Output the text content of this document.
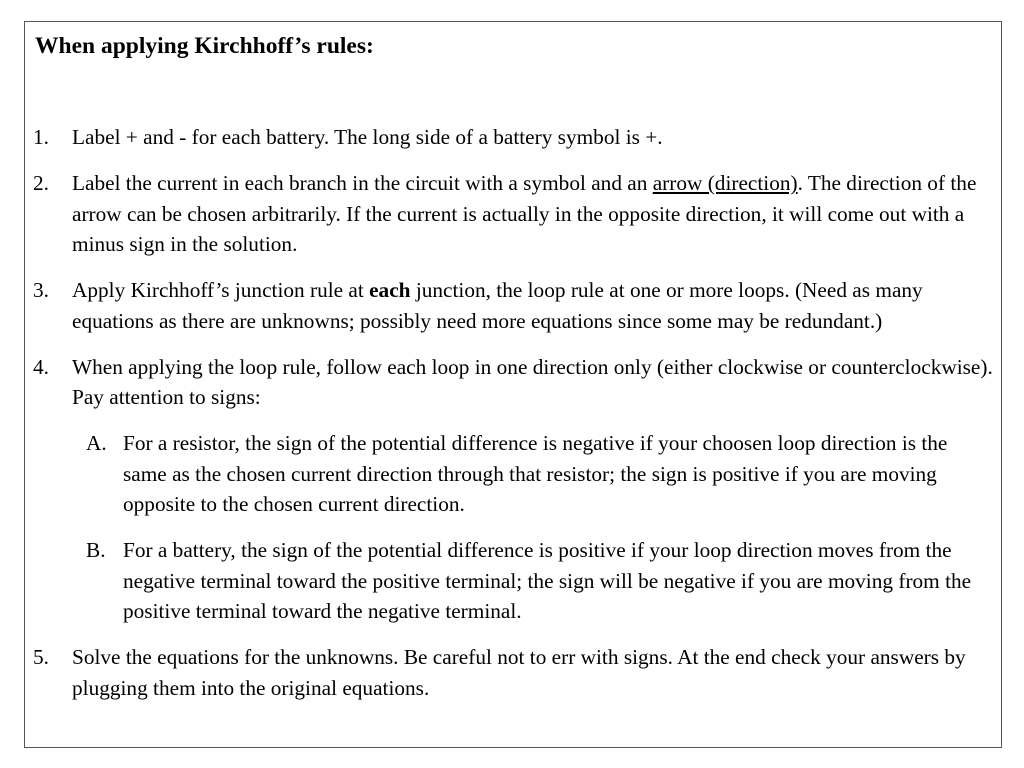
When applying Kirchhoff’s rules:
1. Label + and - for each battery. The long side of a battery symbol is +.
2. Label the current in each branch in the circuit with a symbol and an arrow (direction). The direction of the arrow can be chosen arbitrarily. If the current is actually in the opposite direction, it will come out with a minus sign in the solution.
3. Apply Kirchhoff’s junction rule at each junction, the loop rule at one or more loops. (Need as many equations as there are unknowns; possibly need more equations since some may be redundant.)
4. When applying the loop rule, follow each loop in one direction only (either clockwise or counterclockwise). Pay attention to signs:
A. For a resistor, the sign of the potential difference is negative if your choosen loop direction is the same as the chosen current direction through that resistor; the sign is positive if you are moving opposite to the chosen current direction.
B. For a battery, the sign of the potential difference is positive if your loop direction moves from the negative terminal toward the positive terminal; the sign will be negative if you are moving from the positive terminal toward the negative terminal.
5. Solve the equations for the unknowns. Be careful not to err with signs. At the end check your answers by plugging them into the original equations.
